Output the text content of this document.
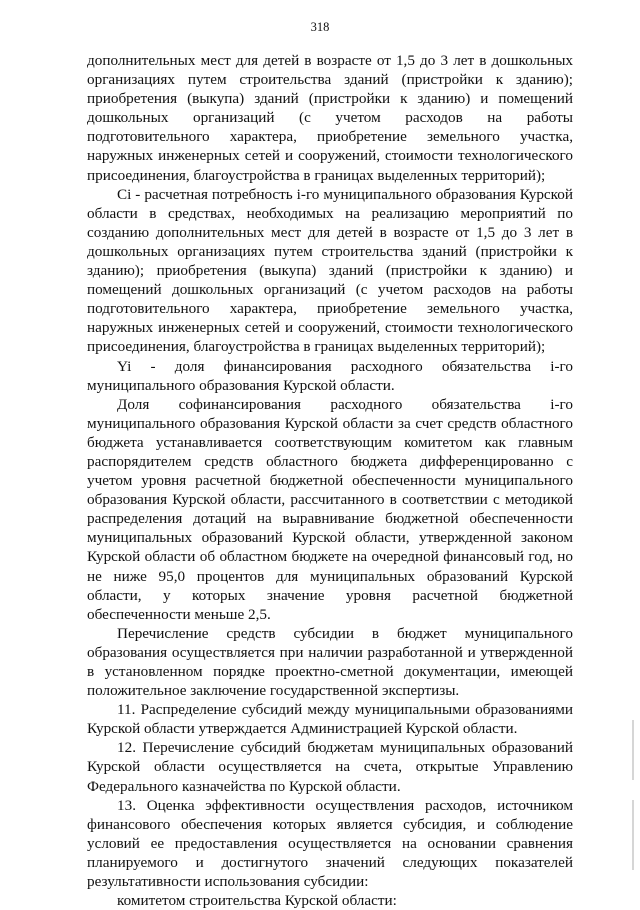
318

дополнительных мест для детей в возрасте от 1,5 до 3 лет в дошкольных организациях путем строительства зданий (пристройки к зданию); приобретения (выкупа) зданий (пристройки к зданию) и помещений дошкольных организаций (с учетом расходов на работы подготовительного характера, приобретение земельного участка, наружных инженерных сетей и сооружений, стоимости технологического присоединения, благоустройства в границах выделенных территорий);

Ci - расчетная потребность i-го муниципального образования Курской области в средствах, необходимых на реализацию мероприятий по созданию дополнительных мест для детей в возрасте от 1,5 до 3 лет в дошкольных организациях путем строительства зданий (пристройки к зданию); приобретения (выкупа) зданий (пристройки к зданию) и помещений дошкольных организаций (с учетом расходов на работы подготовительного характера, приобретение земельного участка, наружных инженерных сетей и сооружений, стоимости технологического присоединения, благоустройства в границах выделенных территорий);

Yi - доля финансирования расходного обязательства i-го муниципального образования Курской области.

Доля софинансирования расходного обязательства i-го муниципального образования Курской области за счет средств областного бюджета устанавливается соответствующим комитетом как главным распорядителем средств областного бюджета дифференцированно с учетом уровня расчетной бюджетной обеспеченности муниципального образования Курской области, рассчитанного в соответствии с методикой распределения дотаций на выравнивание бюджетной обеспеченности муниципальных образований Курской области, утвержденной законом Курской области об областном бюджете на очередной финансовый год, но не ниже 95,0 процентов для муниципальных образований Курской области, у которых значение уровня расчетной бюджетной обеспеченности меньше 2,5.

Перечисление средств субсидии в бюджет муниципального образования осуществляется при наличии разработанной и утвержденной в установленном порядке проектно-сметной документации, имеющей положительное заключение государственной экспертизы.

11. Распределение субсидий между муниципальными образованиями Курской области утверждается Администрацией Курской области.

12. Перечисление субсидий бюджетам муниципальных образований Курской области осуществляется на счета, открытые Управлению Федерального казначейства по Курской области.

13. Оценка эффективности осуществления расходов, источником финансового обеспечения которых является субсидия, и соблюдение условий ее предоставления осуществляется на основании сравнения планируемого и достигнутого значений следующих показателей результативности использования субсидии:

комитетом строительства Курской области:
